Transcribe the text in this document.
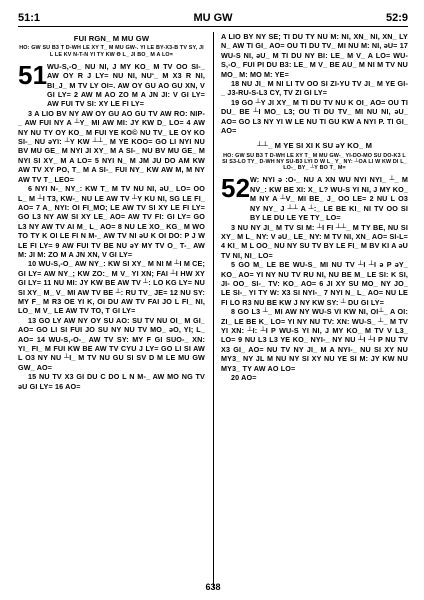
51:1	MU GW	52:9
FUI RGN_ M MU GW
HO: GW SU B3 T D-WH LE XY T_ M MU GW-. YI LE BY-X3-B TV SY, JI L LE KV N-T-N YI TY KW Ɵ L_ JI BO_ M A LO=
51 WU-S,-O_ NU NI, J MY KO_ M TV OO SI-_ AW OY R J LY= NU NI, NU‘_ M X3 R NI, BI_J_ M TV LY OI=. AW OY GU AO GU XN, V GI LY= 2 AW M AO ZO M A JN JI: V GI LY= AW FUI TV SI: XY LE FI LY=

3 A LIO BV NY AW OY GU AO GU TV AW RO: NIP-_ AW FUI NY A ┴Y_ MI AW MI: JY KW D_ LO= 4 AW NY NU TY OY KO_ M FUI YE KO© NU TV_ LE OY KO SI-_ NU əYï: ┴Y KW ┴┴_ M YE KOO= GO LI NYI NU BV MU GE_ M NYI JI XY_ M A SI-_ NU BV MU GE_ M NYI SI XY_ M A LO= 5 NYI N_ M JM JU DO AM KW AW TV XY PO, T_ M A SI-_ FUI NY_ KW AW M, M NY AW TV T_ LEO=

6 NYI N-_ NY_: KW T_ M TV NU NI, əU_ LO= OO L_ M ┴I T3, KW-_ NU LE AW TV ┴Y KU NI, SG LE FI_ AO= 7 A_ NYI: OI FI_MO; LE AW TV SI XY LE FI LY= GO L3 NY AW SI XY LE_ AO= AW TV FI: GI LY= GO L3 NY AW TV AI M_ L_ AO= 8 NU LE XO_ KG_ M WO TO TY K OI LE FI N M-_ AW TV NI əU K OI DO: P J W LE FI LY= 9 AW FUI TV BE NU əY MY TV O_ T-_ AW M: JI M: ZO M A JN XN, V GI LY=

10 WU-S,-O_ AW NY_: KW SI XY_ M NI M ┴I M CE; GI LY= AW NY_; KW ZO:_ M V_ YI XN; FAI ┴I HW XY GI LY= 11 NU MI: JY KW BE AW TV ┴: LO KG LY= NU SI XY_ M_ V_ MI AW TV BE ┴: RU TV_ JE= 12 NU SY: MY F_ M R3 OE YI K, OI DU AW TV FAI JO L FI_ NI, LO_ M V_ LE AW TV TO, T GI LY=

13 GO LY AW NY OY SU AO: SU TV NU OI_ M GI_ AO= GO LI SI FUI JO SU NY NU TV MO_ əO, YI; L_ AO= 14 WU-S,-O-_ AW TV SY: MY F GI SUO-_ XN: YI_ FI_ M FUI KW BE AW TV CYU J LY= GO LI SI AW L O3 NY NU ┴I_ M TV NU GU SI SV D M LE MU GW GW_ AO=

15 NU TV X3 GI DU C DO L N M-_ AW MO NG TV əU GI LY= 16 AO=

A LIO BY NY SE; TI DU TY NU M: NI, XN_ NI, XN_ LY N_ AW TI GI_ AO= OU TI DU TV_ MI NU M: NI, əU= 17 WU-S NI, əU_ M TI DU NY BI: LE_ M V_ A LO= WU-S,-O_ FUI PI DU B3: LE_ M V_ BE AU_ M NI M TV NU MO_ M: MO M: YE=

18 NU JI_ M NI LI TV OO SI ZI-YU TV JI_ M YE GI-_ J3-RU-S-L3 CY, TV ZI GI LY=

19 GO ┴Y JI XY_ M TI DU TV NU K OI_ AO= OU TI DU_ BE ┴I MO_ L3; OU TI DU TV_ MI NU NI, əU_ AO= GO L3 NY YI W LE NU TI GU KW A NYI P. TI GI_ AO=

┴┴_ M YE SI XI К SU əY KO_ M
HO: GW SU B3 T D-WH LE XY T_ M MU GW-_ YI-DO-MO SU DO-K3 L SI S3-LO TY_ D-WH NY SU-B3 LYI D W L_ Y_ NY: ┴OA LI W KW DI L_ LO-_ BY_ ┴Y BO T_ M=
52 W: NYI ə :O-_ NU A XN WU NYI NYI_ ┴_ M NV_: KW BE XI: X_ L? WU-S YI NI, J MY KO_ M NY A ┴V_ MI BE_ J_ OO LE= 2 NU L O3 NY NY_ J ┴┴ A ┴:_ LE BE KI_ NI TV OO SI BY LE DU LE YE TY_ LO=

3 NU NY JI_ M TV SI M: ┴I FI ┴┴_ M TY BE, NU SI XY_ M L_ NY: V əU_ LE_ NY: M TV NI, XN_ AO= SI-L= 4 KI_ M L OO_ NU NY SU TV BY LE FI_ M BV KI A əU TV NI, NI_ LO=

5 GO M_ LE BE WU-S_ MI NU TV ┴I ┴I ə P əY_ KO_ AO= YI NY NU TV RU NI, NU BE M_ LE SI: K SI, JI- OO_ SI-_ TV: KO_ AO= 6 JI XY SU MO_ NY JO_ LE SI-_ YI TY W: X3 SI NYI-_ 7 NYI N_ L_ AO= NU LE FI LO R3 NU BE KW J NY KW SY: ┴ DU GI LY=

8 GO L3 ┴_ MI AW NY WU-S VI KW NI, OI┴_ A OI: ZI_ LE BE K_ LO= YI NY NU TV: XN: WU-S_ ┴_ M TV YI XN: ┴I: ┴I P WU-S YI NI, J MY KO_ M TV V L3_ LO= 9 NU L3 L3 YE KO_ NYI-_ NY NU ┴I ┴I P NU TV X3 GI_ AO= NU TV NY JI_ M A NYI-_ NU SI XY NU MY3_ NY JL M NU NY SI XY NU YE SI M: JY KW NU MY3_ TY AW AO LO=

20 AO=

638
